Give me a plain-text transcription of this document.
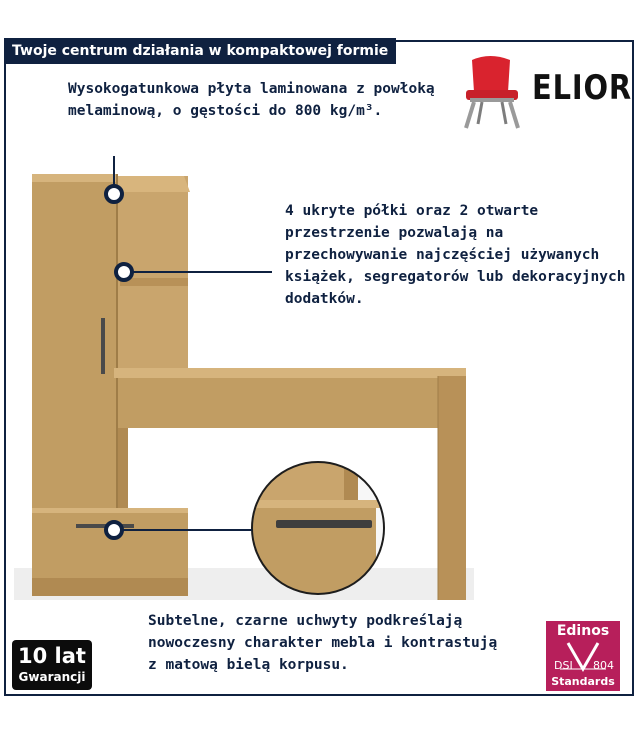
Twoje centrum działania w kompaktowej formie
ELIOR
Wysokogatunkowa płyta laminowana z powłoką melaminową, o gęstości do 800 kg/m³.
4 ukryte półki oraz 2 otwarte przestrzenie pozwalają na przechowywanie najczęściej używanych książek, segregatorów lub dekoracyjnych dodatków.
Subtelne, czarne uchwyty podkreślają nowoczesny charakter mebla i kontrastują z matową bielą korpusu.
10 lat
Gwarancji
Edinos
DSI 804
Standards
